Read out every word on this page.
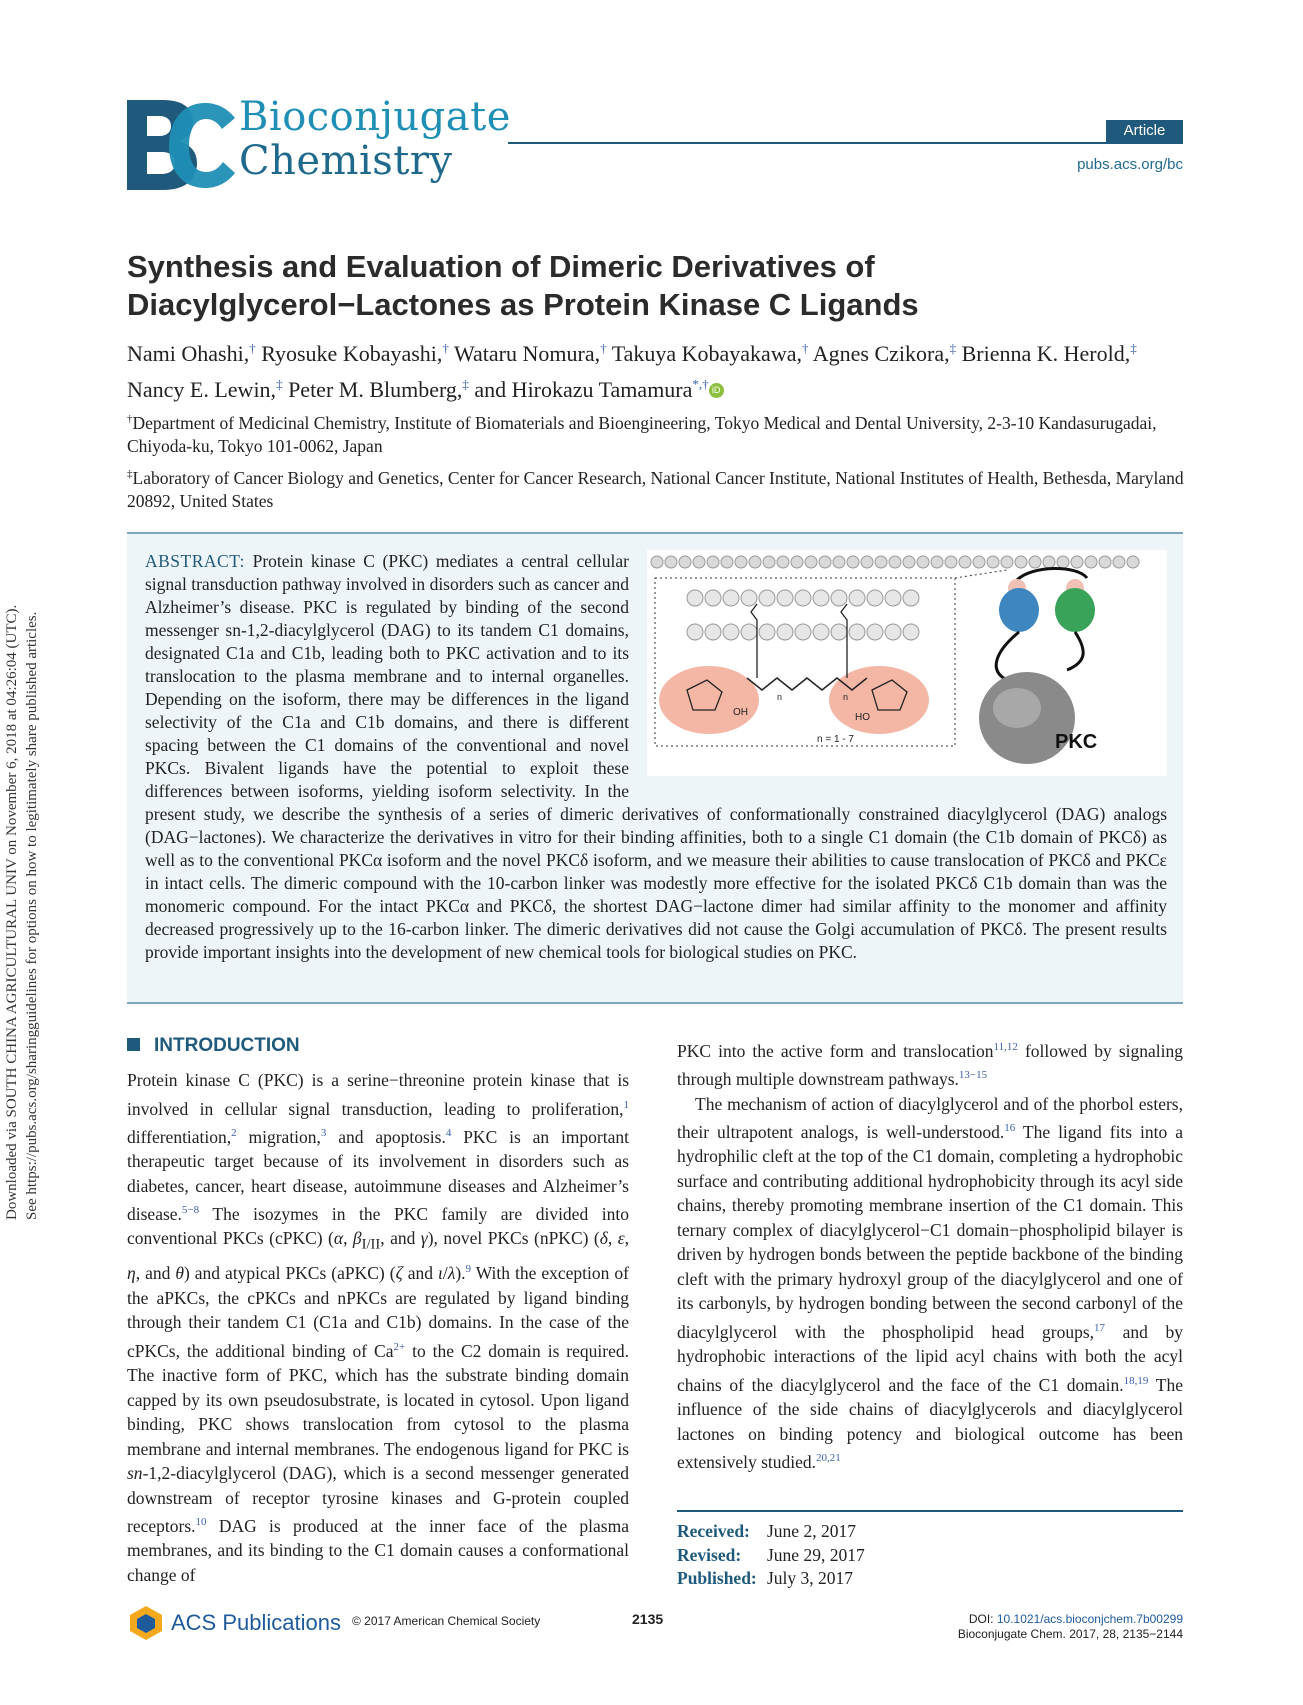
Downloaded via SOUTH CHINA AGRICULTURAL UNIV on November 6, 2018 at 04:26:04 (UTC). See https://pubs.acs.org/sharingguidelines for options on how to legitimately share published articles.
Bioconjugate
Chemistry
Article
pubs.acs.org/bc
Synthesis and Evaluation of Dimeric Derivatives of Diacylglycerol−Lactones as Protein Kinase C Ligands
Nami Ohashi,† Ryosuke Kobayashi,† Wataru Nomura,† Takuya Kobayakawa,† Agnes Czikora,‡ Brienna K. Herold,‡ Nancy E. Lewin,‡ Peter M. Blumberg,‡ and Hirokazu Tamamura*,† iD
†Department of Medicinal Chemistry, Institute of Biomaterials and Bioengineering, Tokyo Medical and Dental University, 2-3-10 Kandasurugadai, Chiyoda-ku, Tokyo 101-0062, Japan
‡Laboratory of Cancer Biology and Genetics, Center for Cancer Research, National Cancer Institute, National Institutes of Health, Bethesda, Maryland 20892, United States
OH	HO
n	n
n = 1 - 7	PKC
ABSTRACT: Protein kinase C (PKC) mediates a central cellular signal transduction pathway involved in disorders such as cancer and Alzheimer’s disease. PKC is regulated by binding of the second messenger sn-1,2-diacylglycerol (DAG) to its tandem C1 domains, designated C1a and C1b, leading both to PKC activation and to its translocation to the plasma membrane and to internal organelles. Depending on the isoform, there may be differences in the ligand selectivity of the C1a and C1b domains, and there is different spacing between the C1 domains of the conventional and novel PKCs. Bivalent ligands have the potential to exploit these differences between isoforms, yielding isoform selectivity. In the present study, we describe the synthesis of a series of dimeric derivatives of conformationally constrained diacylglycerol (DAG) analogs (DAG−lactones). We characterize the derivatives in vitro for their binding affinities, both to a single C1 domain (the C1b domain of PKCδ) as well as to the conventional PKCα isoform and the novel PKCδ isoform, and we measure their abilities to cause translocation of PKCδ and PKCε in intact cells. The dimeric compound with the 10-carbon linker was modestly more effective for the isolated PKCδ C1b domain than was the monomeric compound. For the intact PKCα and PKCδ, the shortest DAG−lactone dimer had similar affinity to the monomer and affinity decreased progressively up to the 16-carbon linker. The dimeric derivatives did not cause the Golgi accumulation of PKCδ. The present results provide important insights into the development of new chemical tools for biological studies on PKC.
INTRODUCTION

Protein kinase C (PKC) is a serine−threonine protein kinase that is involved in cellular signal transduction, leading to proliferation,$^1$ differentiation,$^2$ migration,$^3$ and apoptosis.$^4$ PKC is an important therapeutic target because of its involvement in disorders such as diabetes, cancer, heart disease, autoimmune diseases and Alzheimer’s disease.$^{5-8}$ The isozymes in the PKC family are divided into conventional PKCs (cPKC) (α, $\beta_{I/II}$, and γ), novel PKCs (nPKC) (δ, ε, η, and θ) and atypical PKCs (aPKC) (ζ and ι/λ).$^9$ With the exception of the aPKCs, the cPKCs and nPKCs are regulated by ligand binding through their tandem C1 (C1a and C1b) domains. In the case of the cPKCs, the additional binding of $Ca^{2+}$ to the C2 domain is required. The inactive form of PKC, which has the substrate binding domain capped by its own pseudosubstrate, is located in cytosol. Upon ligand binding, PKC shows translocation from cytosol to the plasma membrane and internal membranes. The endogenous ligand for PKC is sn-1,2-diacylglycerol (DAG), which is a second messenger generated downstream of receptor tyrosine kinases and G-protein coupled receptors.$^{10}$ DAG is produced at the inner face of the plasma membranes, and its binding to the C1 domain causes a conformational change of

PKC into the active form and translocation$^{11,12}$ followed by signaling through multiple downstream pathways.$^{13-15}$

The mechanism of action of diacylglycerol and of the phorbol esters, their ultrapotent analogs, is well-understood.$^{16}$ The ligand fits into a hydrophilic cleft at the top of the C1 domain, completing a hydrophobic surface and contributing additional hydrophobicity through its acyl side chains, thereby promoting membrane insertion of the C1 domain. This ternary complex of diacylglycerol−C1 domain−phospholipid bilayer is driven by hydrogen bonds between the peptide backbone of the binding cleft with the primary hydroxyl group of the diacylglycerol and one of its carbonyls, by hydrogen bonding between the second carbonyl of the diacylglycerol with the phospholipid head groups,$^{17}$ and by hydrophobic interactions of the lipid acyl chains with both the acyl chains of the diacylglycerol and the face of the C1 domain.$^{18,19}$ The influence of the side chains of diacylglycerols and diacylglycerol lactones on binding potency and biological outcome has been extensively studied.$^{20,21}$

Received: June 2, 2017
Revised: June 29, 2017
Published: July 3, 2017
ACS Publications © 2017 American Chemical Society	2135	DOI: 10.1021/acs.bioconjchem.7b00299
Bioconjugate Chem. 2017, 28, 2135−2144
